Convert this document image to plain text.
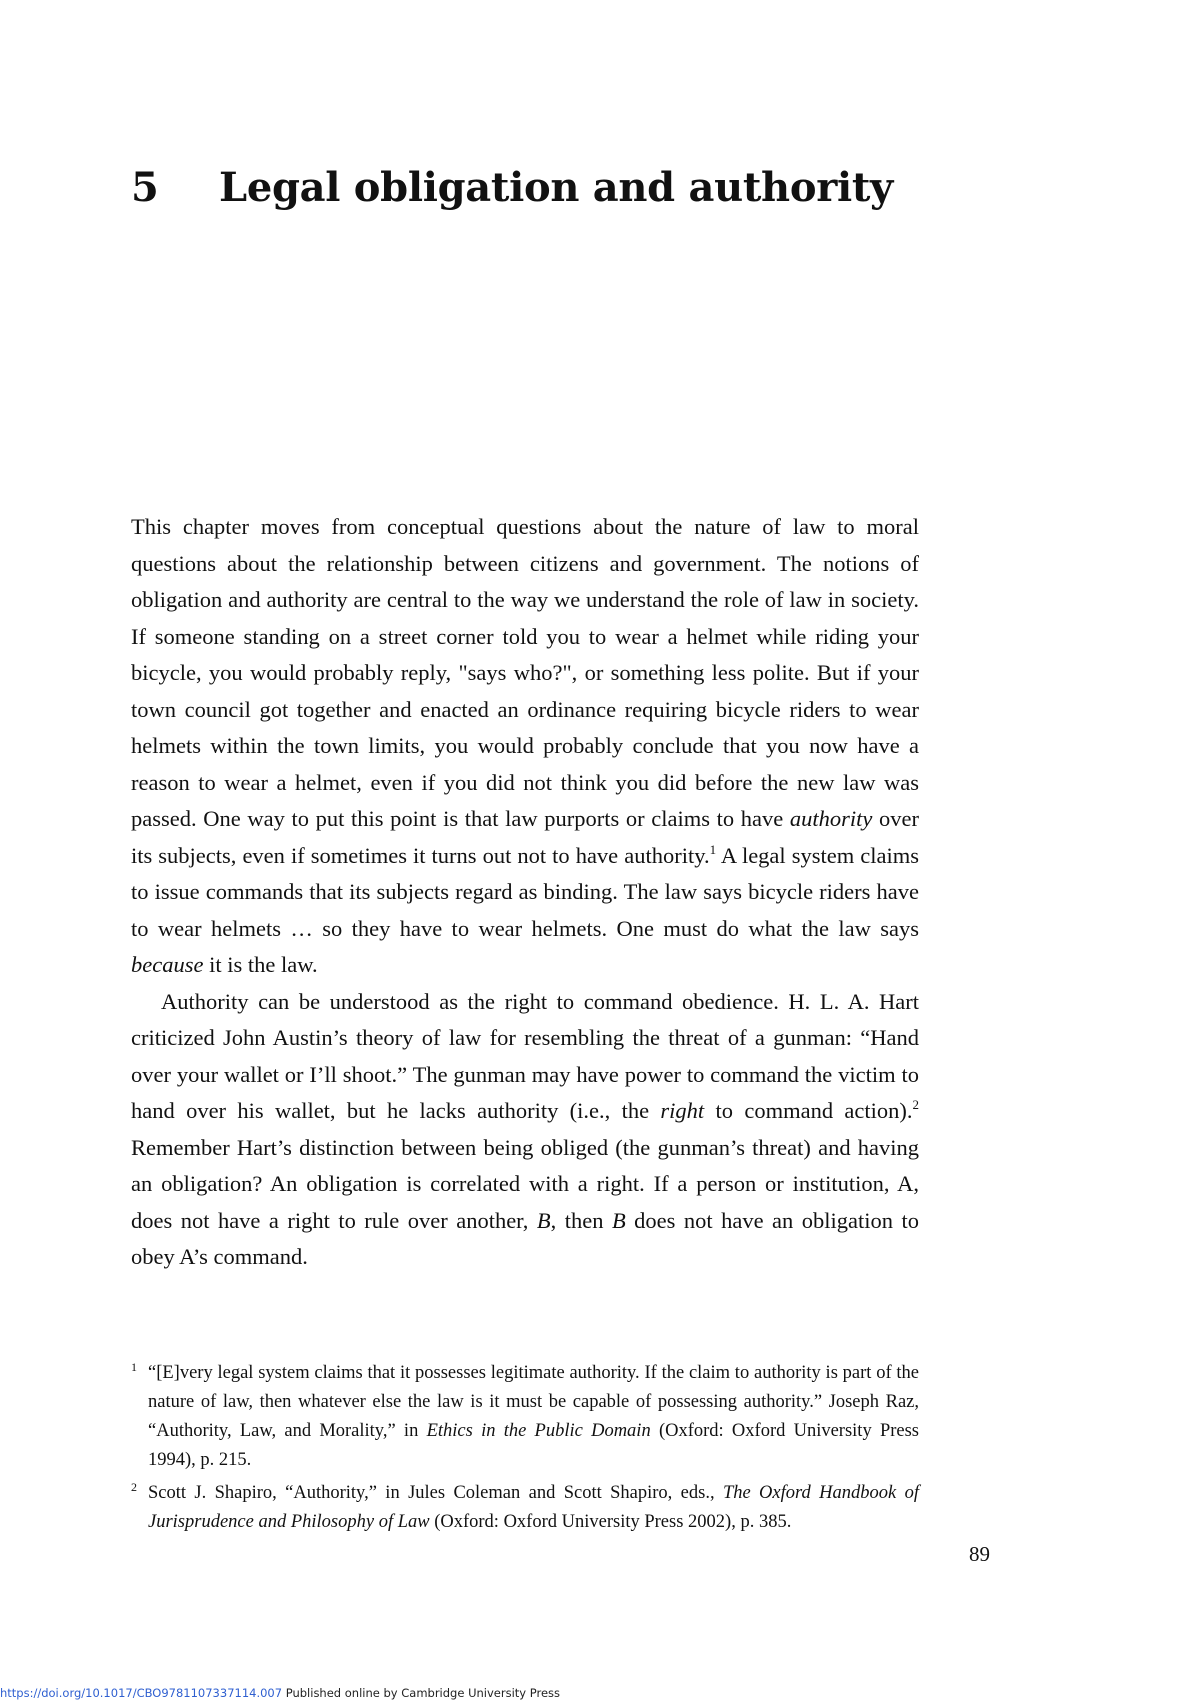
5 Legal obligation and authority

This chapter moves from conceptual questions about the nature of law to moral questions about the relationship between citizens and government. The notions of obligation and authority are central to the way we understand the role of law in society. If someone standing on a street corner told you to wear a helmet while riding your bicycle, you would probably reply, "says who?", or something less polite. But if your town council got together and enacted an ordinance requiring bicycle riders to wear helmets within the town limits, you would probably conclude that you now have a reason to wear a helmet, even if you did not think you did before the new law was passed. One way to put this point is that law purports or claims to have authority over its subjects, even if sometimes it turns out not to have authority.$^1$ A legal system claims to issue commands that its subjects regard as binding. The law says bicycle riders have to wear helmets … so they have to wear helmets. One must do what the law says because it is the law.

Authority can be understood as the right to command obedience. H. L. A. Hart criticized John Austin’s theory of law for resembling the threat of a gunman: “Hand over your wallet or I’ll shoot.” The gunman may have power to command the victim to hand over his wallet, but he lacks authority (i.e., the right to command action).$^2$ Remember Hart’s distinction between being obliged (the gunman’s threat) and having an obligation? An obligation is correlated with a right. If a person or institution, A, does not have a right to rule over another, B, then B does not have an obligation to obey A’s command.

1 “[E]very legal system claims that it possesses legitimate authority. If the claim to authority is part of the nature of law, then whatever else the law is it must be capable of possessing authority.” Joseph Raz, “Authority, Law, and Morality,” in Ethics in the Public Domain (Oxford: Oxford University Press 1994), p. 215.

2 Scott J. Shapiro, “Authority,” in Jules Coleman and Scott Shapiro, eds., The Oxford Handbook of Jurisprudence and Philosophy of Law (Oxford: Oxford University Press 2002), p. 385.

89

https://doi.org/10.1017/CBO9781107337114.007 Published online by Cambridge University Press
